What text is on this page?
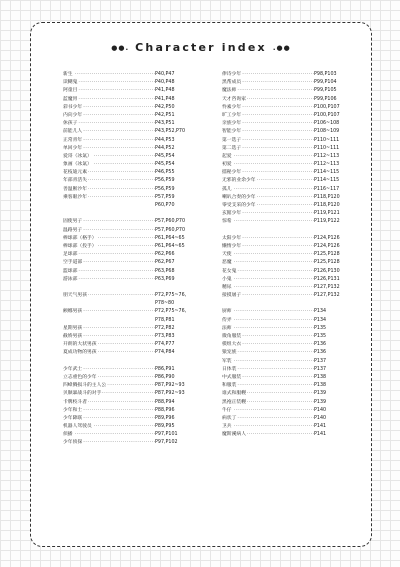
●●. Character index .●●
·····
新生	P40,P47
·····
读糊鬼	P40,P48
·····
阿童目	P41,P48
·····
蓝魔胃	P41,P48
·····
彩书少年	P42,P50
·····
内向少年	P42,P51
·····
休孩子	P43,P51
·····
前能儿人	P43,P52,P70
·····
正常青年	P44,P53
·····
单回少年	P44,P52
·····
爱哥（冰氣）	P45,P54
·····
象画（冰氣）	P45,P54
·····
花枝迪元素	P46,P55
·····
年部青活失	P56,P59
·····
善温断沙年	P56,P59
·····
乘客眼沙年	P57,P59
P60,P70
·····
固使男子	P57,P60,P70
·····
温路男子	P57,P60,P70
·····
棒球部（格手）	P61,P64~65
·····
棒球部（投手）	P61,P64~65
·····
足球部	P62,P66
·····
空手道部	P62,P67
·····
篮球部	P63,P68
·····
游泳部	P63,P69
·····
朋天气男孩	P72,P75~76,
P78~80
·····
额娜男孩	P72,P75~76,
P78,P81
·····
星期男孩	P72,P82
·····
截娇男孩	P73,P83
·····
开朗的大状男孩	P74,P77
·····
夏成功物的男孩	P74,P84
·····
少年武士	P86,P91
·····
立志重色的少年	P86,P90
·····
四峰腾损斗的主人公	P87,P92~93
·····
贝顺暴战斗的对手	P87,P92~93
·····
卡牌校斗者	P88,P94
·····
少年和士	P88,P96
·····
少年降联	P89,P96
·····
机器人驾驶员	P89,P95
·····
侦播	P97,P101
·····
少年侦探	P97,P102
·····
俸诗少年	P98,P103
·····
黑帮成员	P99,P104
·····
魔法师	P99,P105
·····
天才咨询家	P99,P106
·····
怜素少年	P100,P107
·····
旷工少年	P100,P107
·····
亲族少年	P106~108
·····
智能少年	P108~109
·····
第一选子	P110~111
·····
第二选子	P110~111
·····
起爱	P112~113
·····
初爱	P112~113
·····
擂秘少年	P114~115
·····
无邪的业余少年	P114~115
·····
孤儿	P116~117
·····
喇叭合奏的少年	P118,P120
·····
零受支采的少年	P118,P120
·····
玄館少年	P119,P121
·····
惊希	P119,P122
·····
太阳少年	P124,P126
·····
懒惰少年	P124,P126
·····
天使	P125,P128
·····
恶魔	P125,P128
·····
花女鬼	P126,P130
·····
小鬼	P126,P131
·····
精尿	P127,P132
·····
接摸屠子	P127,P132
·····
厨师	P134
·····
侍弄	P134
·····
法师	P135
·····
微角服装	P135
·····
模组大衣	P136
·····
猿宠族	P136
·····
军装	P137
·····
日体装	P137
·····
中式服装	P138
·····
和服装	P138
·····
谁式和服幔	P139
·····
黑袍正装幔	P139
·····
牛仔	P140
·····
病状丁	P140
·····
卫兵	P141
·····
魔斯溪病人	P141
